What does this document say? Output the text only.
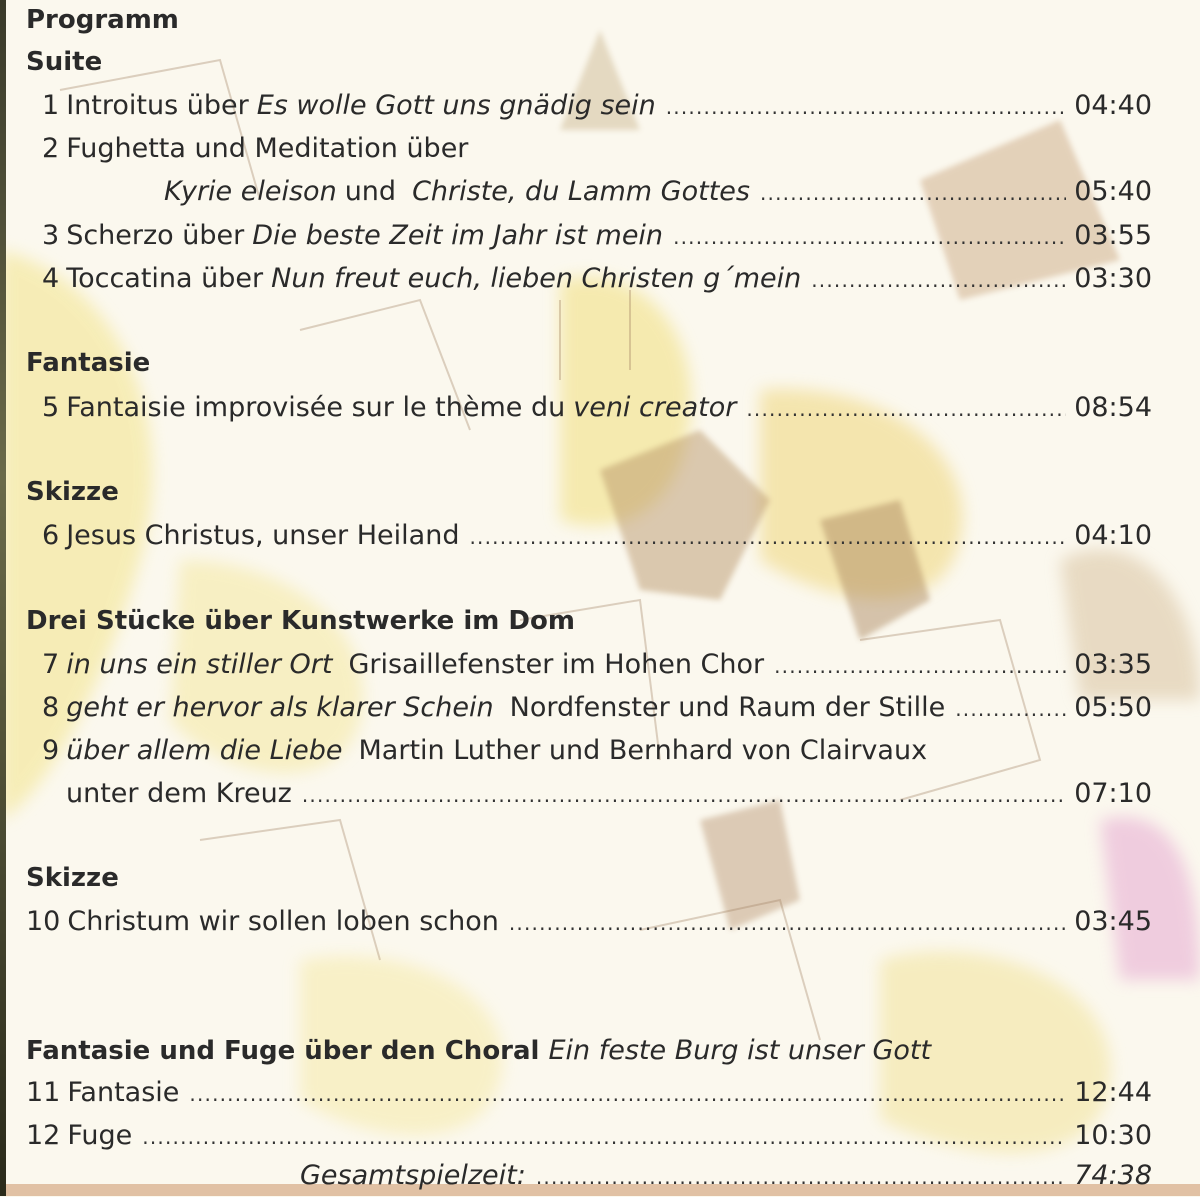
Programm
Suite
1 Introitus über Es wolle Gott uns gnädig sein .....	04:40
2 Fughetta und Meditation über
Kyrie eleison und Christe, du Lamm Gottes .....	05:40
3 Scherzo über Die beste Zeit im Jahr ist mein .....	03:55
4 Toccatina über Nun freut euch, lieben Christen g´mein .....	03:30
Fantasie
5 Fantaisie improvisée sur le thème du veni creator .....	08:54
Skizze
6 Jesus Christus, unser Heiland .....	04:10
Drei Stücke über Kunstwerke im Dom
7 in uns ein stiller Ort Grisaillefenster im Hohen Chor .....	03:35
8 geht er hervor als klarer Schein Nordfenster und Raum der Stille .....	05:50
9 über allem die Liebe Martin Luther und Bernhard von Clairvaux
unter dem Kreuz .....	07:10
Skizze
10 Christum wir sollen loben schon .....	03:45
Fantasie und Fuge über den Choral Ein feste Burg ist unser Gott
11 Fantasie .....	12:44
12 Fuge .....	10:30
Gesamtspielzeit: .....	74:38
